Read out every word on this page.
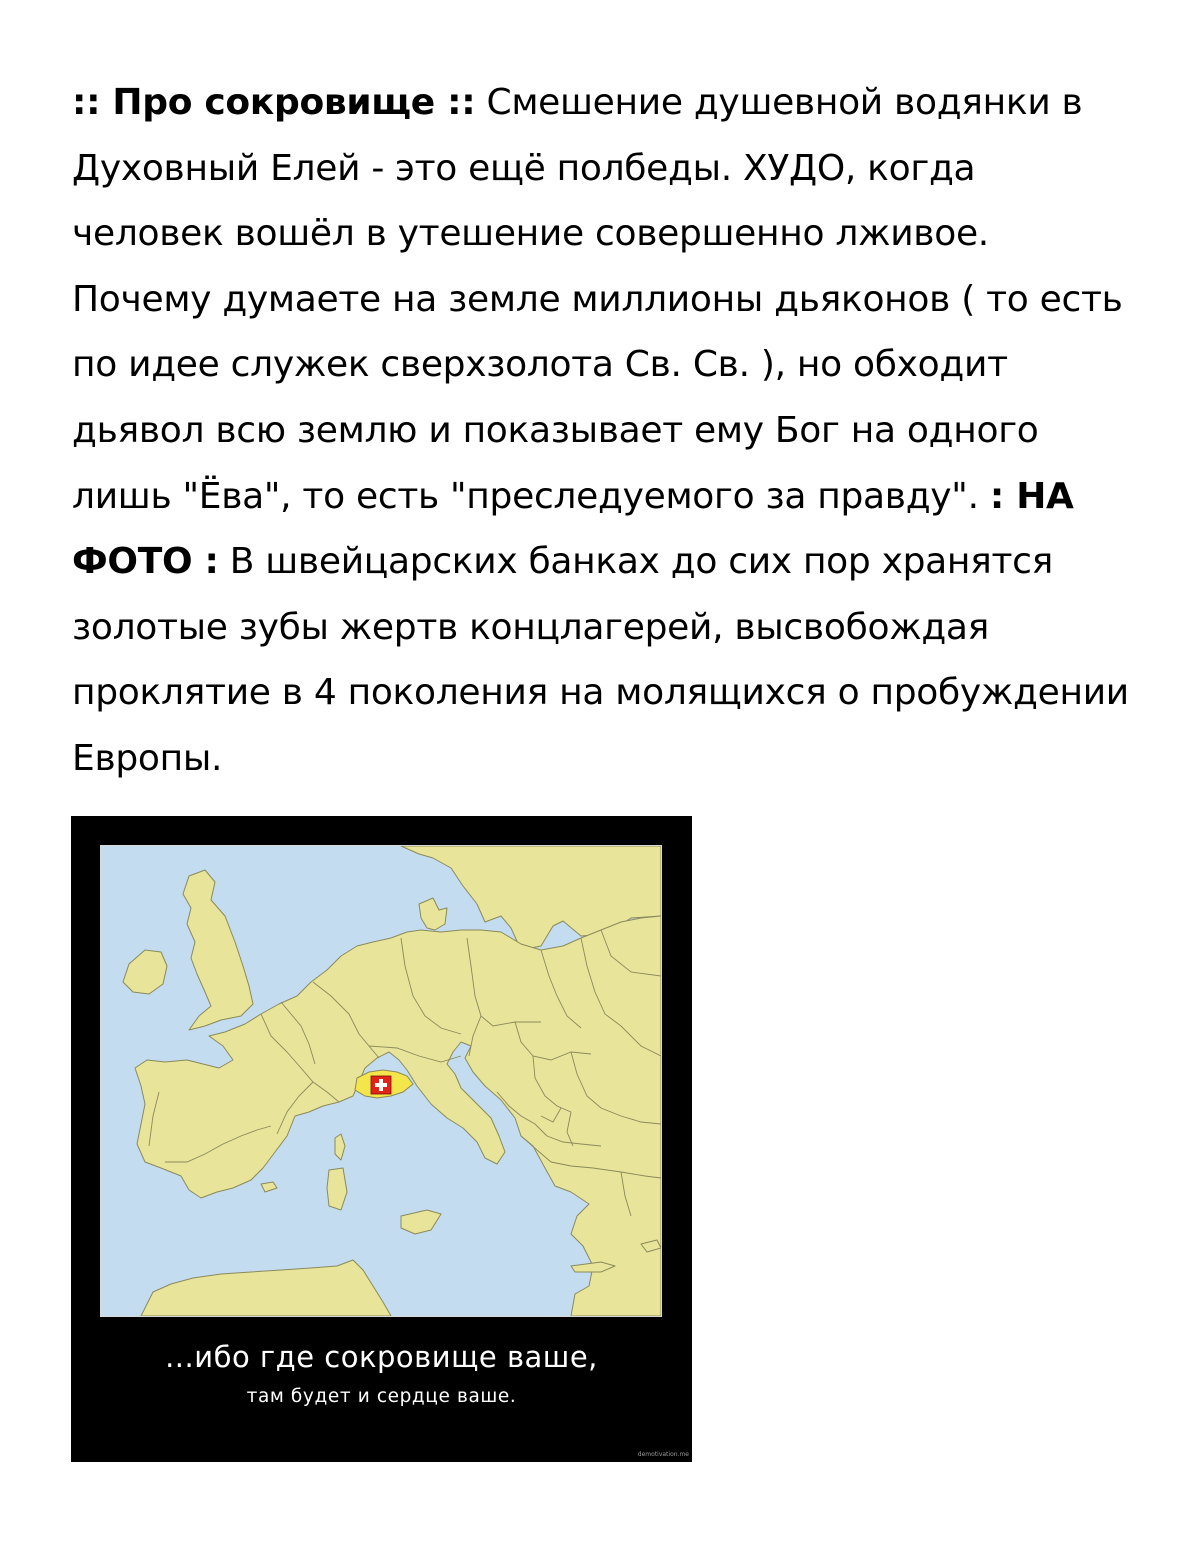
:: Про сокровище :: Смешение душевной водянки в Духовный Елей - это ещё полбеды. ХУДО, когда человек вошёл в утешение совершенно лживое. Почему думаете на земле миллионы дьяконов ( то есть по идее служек сверхзолота Св. Св. ), но обходит дьявол всю землю и показывает ему Бог на одного лишь "Ёва", то есть "преследуемого за правду". : НА ФОТО : В швейцарских банках до сих пор хранятся золотые зубы жертв концлагерей, высвобождая проклятие в 4 поколения на молящихся о пробуждении Европы.

...ибо где сокровище ваше,
там будет и сердце ваше.
demotivation.me
